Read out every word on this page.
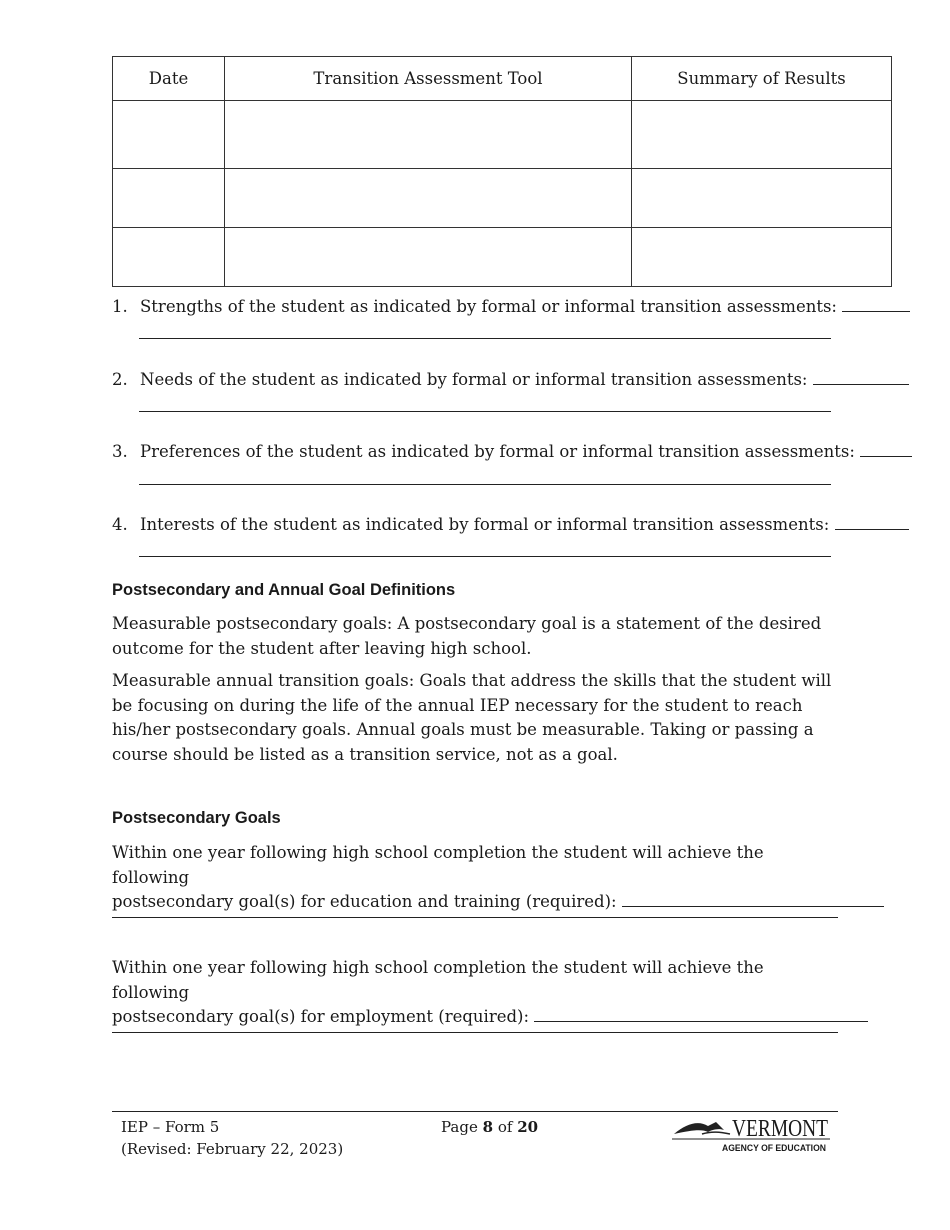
Date	Transition Assessment Tool	Summary of Results

1. Strengths of the student as indicated by formal or informal transition assessments:
2. Needs of the student as indicated by formal or informal transition assessments:
3. Preferences of the student as indicated by formal or informal transition assessments:
4. Interests of the student as indicated by formal or informal transition assessments:
Postsecondary and Annual Goal Definitions

Measurable postsecondary goals: A postsecondary goal is a statement of the desired outcome for the student after leaving high school.

Measurable annual transition goals: Goals that address the skills that the student will be focusing on during the life of the annual IEP necessary for the student to reach his/her postsecondary goals. Annual goals must be measurable. Taking or passing a course should be listed as a transition service, not as a goal.

Postsecondary Goals
Within one year following high school completion the student will achieve the following
postsecondary goal(s) for education and training (required):
Within one year following high school completion the student will achieve the following
postsecondary goal(s) for employment (required):
IEP – Form 5
(Revised: February 22, 2023)
Page 8 of 20	VERMONT
AGENCY OF EDUCATION
